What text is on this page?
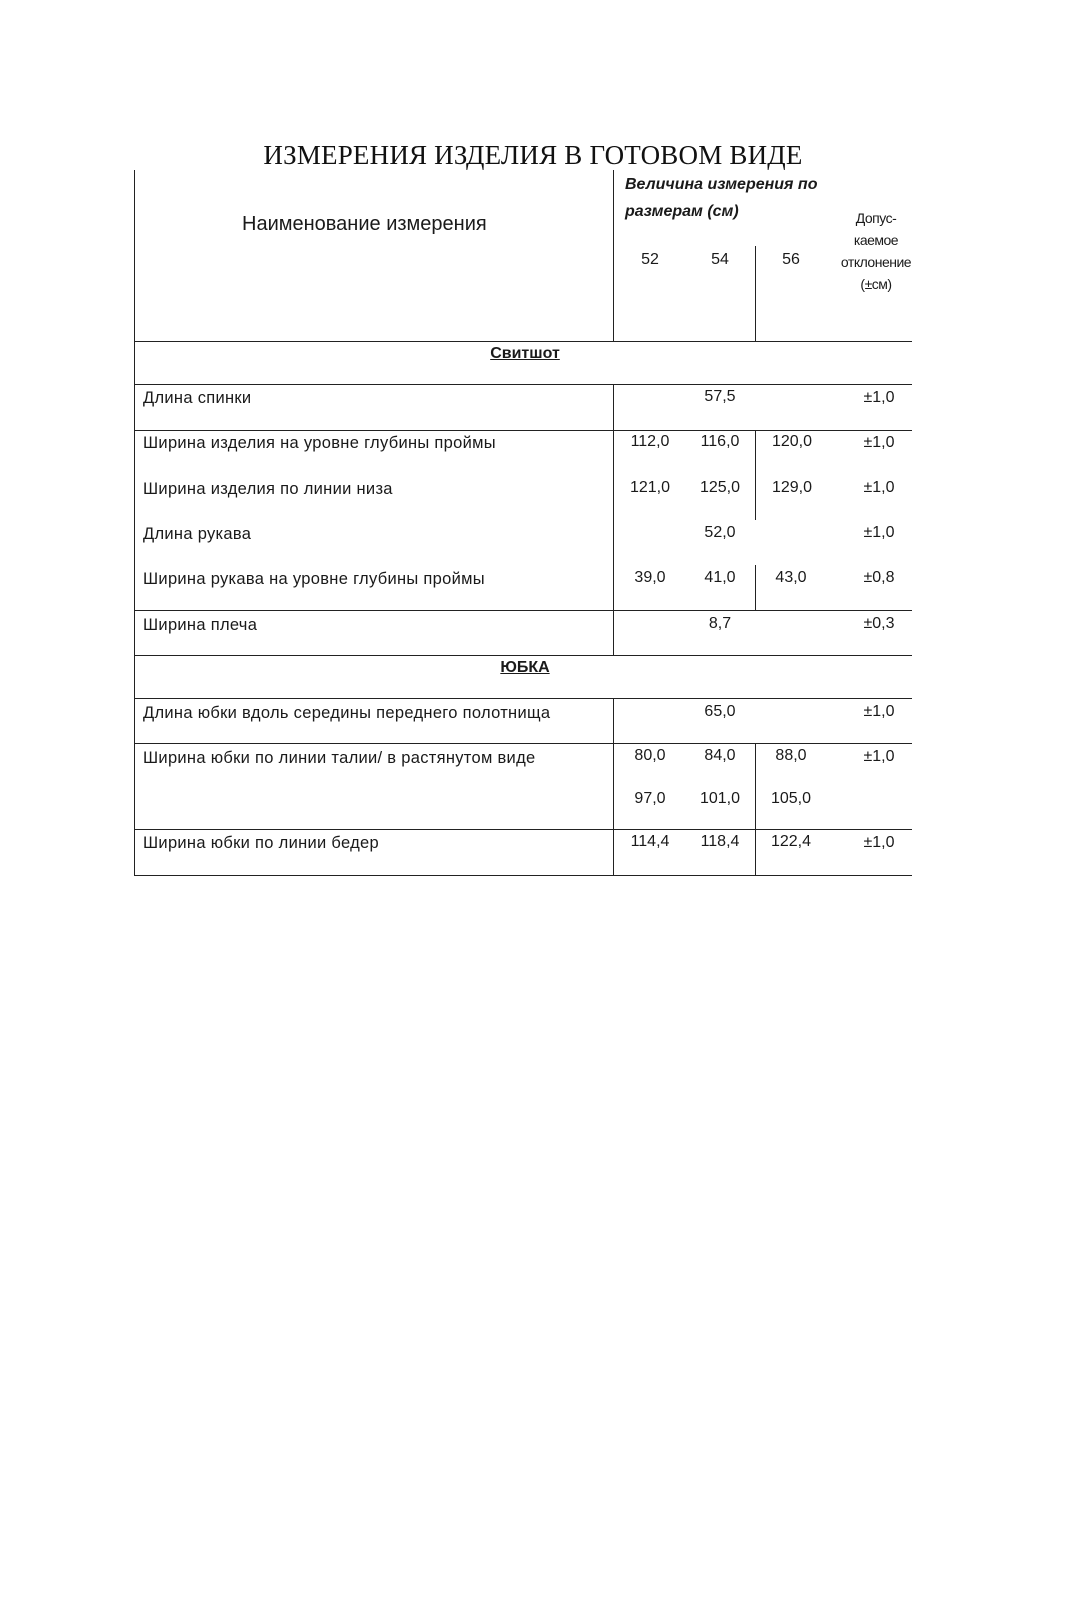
ИЗМЕРЕНИЯ ИЗДЕЛИЯ В ГОТОВОМ ВИДЕ
Наименование измерения
Величина измерения по
размерам (см)
52	54	56
Допус-
каемое
отклонение
(±см)
Свитшот
Длина спинки	57,5	±1,0
Ширина изделия на уровне глубины проймы	112,0	116,0	120,0	±1,0
Ширина изделия по линии низа	121,0	125,0	129,0	±1,0
Длина рукава	52,0	±1,0
Ширина рукава на уровне глубины проймы	39,0	41,0	43,0	±0,8
Ширина плеча	8,7	±0,3
ЮБКА
Длина юбки вдоль середины переднего полотнища	65,0	±1,0
Ширина юбки по линии талии/ в растянутом виде	80,0	84,0	88,0	±1,0
97,0	101,0	105,0
Ширина юбки по линии бедер	114,4	118,4	122,4	±1,0
